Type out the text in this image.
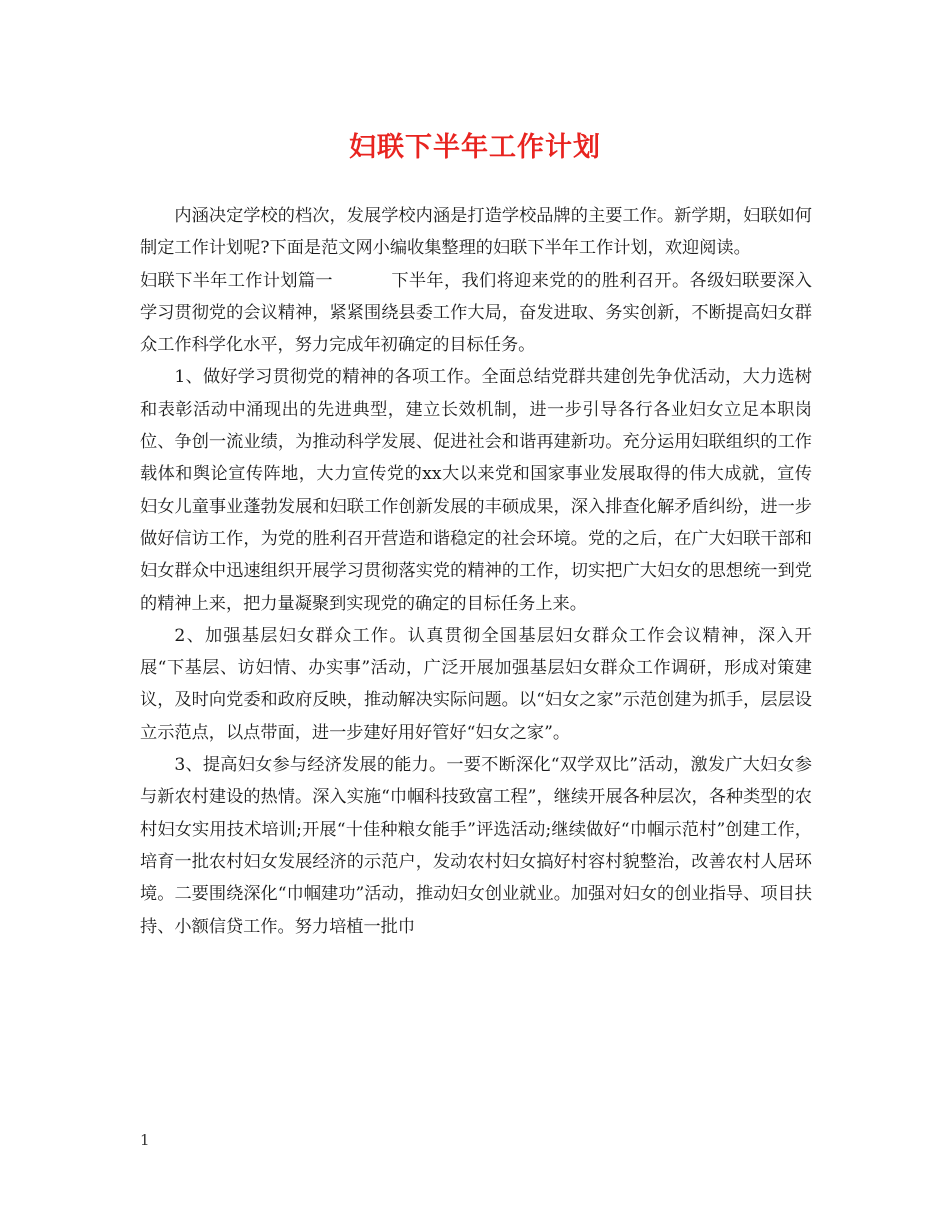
妇联下半年工作计划

内涵决定学校的档次，发展学校内涵是打造学校品牌的主要工作。新学期，妇联如何制定工作计划呢?下面是范文网小编收集整理的妇联下半年工作计划，欢迎阅读。

妇联下半年工作计划篇一	下半年，我们将迎来党的的胜利召开。各级妇联要深入学习贯彻党的会议精神，紧紧围绕县委工作大局，奋发进取、务实创新，不断提高妇女群众工作科学化水平，努力完成年初确定的目标任务。

1、做好学习贯彻党的精神的各项工作。全面总结党群共建创先争优活动，大力选树和表彰活动中涌现出的先进典型，建立长效机制，进一步引导各行各业妇女立足本职岗位、争创一流业绩，为推动科学发展、促进社会和谐再建新功。充分运用妇联组织的工作载体和舆论宣传阵地，大力宣传党的xx大以来党和国家事业发展取得的伟大成就，宣传妇女儿童事业蓬勃发展和妇联工作创新发展的丰硕成果，深入排查化解矛盾纠纷，进一步做好信访工作，为党的胜利召开营造和谐稳定的社会环境。党的之后，在广大妇联干部和妇女群众中迅速组织开展学习贯彻落实党的精神的工作，切实把广大妇女的思想统一到党的精神上来，把力量凝聚到实现党的确定的目标任务上来。

2、加强基层妇女群众工作。认真贯彻全国基层妇女群众工作会议精神，深入开展“下基层、访妇情、办实事”活动，广泛开展加强基层妇女群众工作调研，形成对策建议，及时向党委和政府反映，推动解决实际问题。以“妇女之家”示范创建为抓手，层层设立示范点，以点带面，进一步建好用好管好“妇女之家”。

3、提高妇女参与经济发展的能力。一要不断深化“双学双比”活动，激发广大妇女参与新农村建设的热情。深入实施“巾帼科技致富工程”，继续开展各种层次，各种类型的农村妇女实用技术培训;开展“十佳种粮女能手”评选活动;继续做好“巾帼示范村”创建工作，培育一批农村妇女发展经济的示范户，发动农村妇女搞好村容村貌整治，改善农村人居环境。二要围绕深化“巾帼建功”活动，推动妇女创业就业。加强对妇女的创业指导、项目扶持、小额信贷工作。努力培植一批巾

1
